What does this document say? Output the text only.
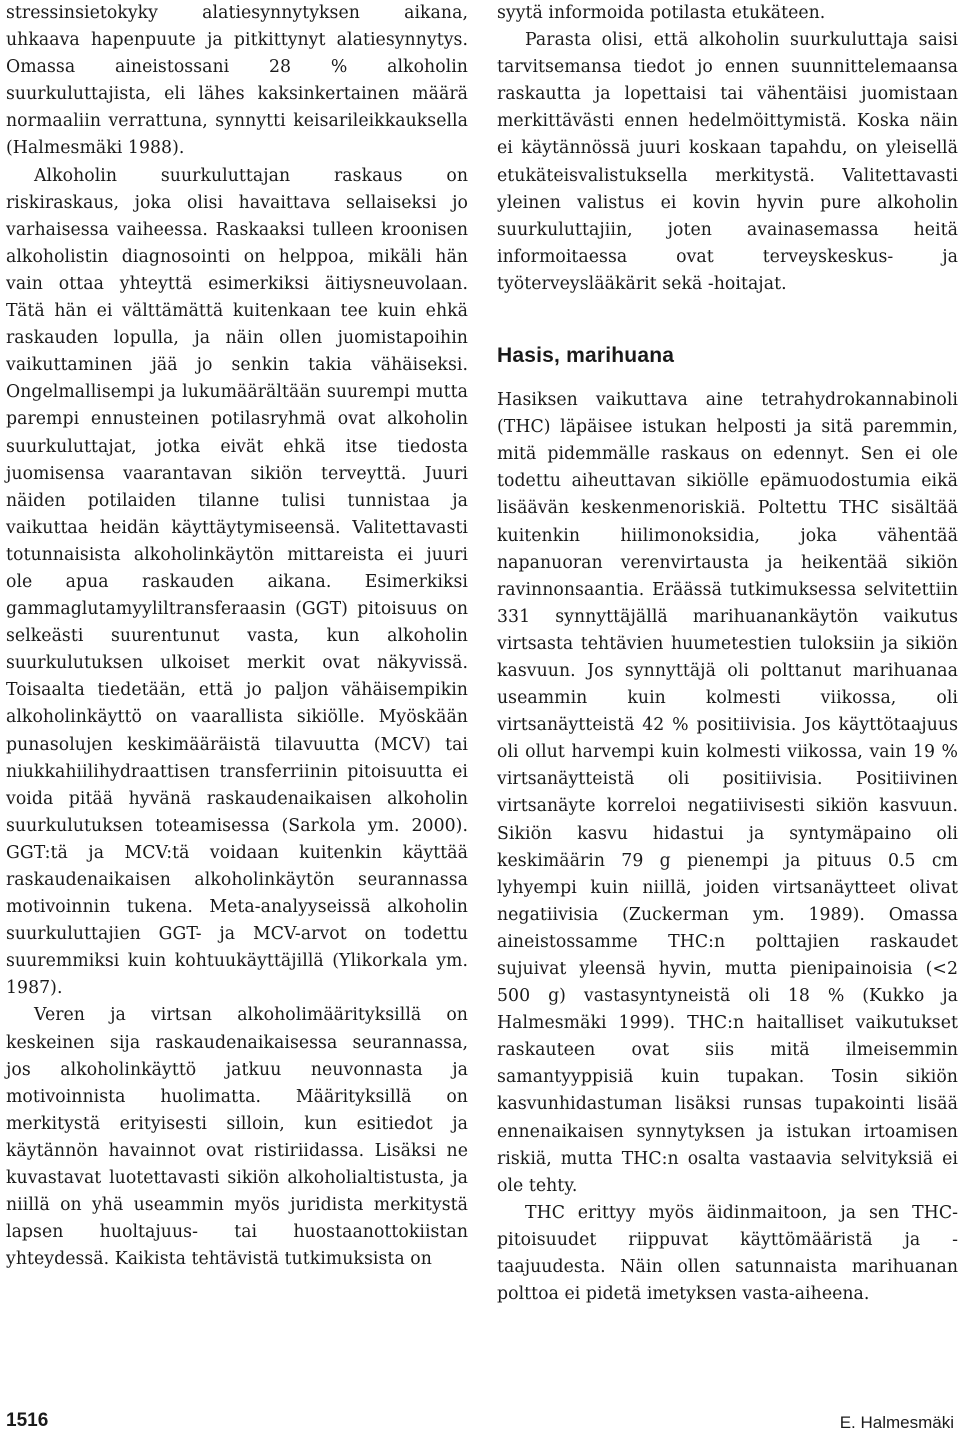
stressinsietokyky alatiesynnytyksen aikana, uhkaava hapenpuute ja pitkittynyt alatiesynnytys. Omassa aineistossani 28 % alkoholin suurkuluttajista, eli lähes kaksinkertainen määrä normaaliin verrattuna, synnytti keisarileikkauksella (Halmesmäki 1988).

Alkoholin suurkuluttajan raskaus on riskiraskaus, joka olisi havaittava sellaiseksi jo varhaisessa vaiheessa. Raskaaksi tulleen kroonisen alkoholistin diagnosointi on helppoa, mikäli hän vain ottaa yhteyttä esimerkiksi äitiysneuvolaan. Tätä hän ei välttämättä kuitenkaan tee kuin ehkä raskauden lopulla, ja näin ollen juomistapoihin vaikuttaminen jää jo senkin takia vähäiseksi. Ongelmallisempi ja lukumäärältään suurempi mutta parempi ennusteinen potilasryhmä ovat alkoholin suurkuluttajat, jotka eivät ehkä itse tiedosta juomisensa vaarantavan sikiön terveyttä. Juuri näiden potilaiden tilanne tulisi tunnistaa ja vaikuttaa heidän käyttäytymiseensä. Valitettavasti totunnaisista alkoholinkäytön mittareista ei juuri ole apua raskauden aikana. Esimerkiksi gammaglutamyyliltransferaasin (GGT) pitoisuus on selkeästi suurentunut vasta, kun alkoholin suurkulutuksen ulkoiset merkit ovat näkyvissä. Toisaalta tiedetään, että jo paljon vähäisempikin alkoholinkäyttö on vaarallista sikiölle. Myöskään punasolujen keskimääräistä tilavuutta (MCV) tai niukkahiilihydraattisen transferriinin pitoisuutta ei voida pitää hyvänä raskaudenaikaisen alkoholin suurkulutuksen toteamisessa (Sarkola ym. 2000). GGT:tä ja MCV:tä voidaan kuitenkin käyttää raskaudenaikaisen alkoholinkäytön seurannassa motivoinnin tukena. Meta-analyyseissä alkoholin suurkuluttajien GGT- ja MCV-arvot on todettu suuremmiksi kuin kohtuukäyttäjillä (Ylikorkala ym. 1987).

Veren ja virtsan alkoholimäärityksillä on keskeinen sija raskaudenaikaisessa seurannassa, jos alkoholinkäyttö jatkuu neuvonnasta ja motivoinnista huolimatta. Määrityksillä on merkitystä erityisesti silloin, kun esitiedot ja käytännön havainnot ovat ristiriidassa. Lisäksi ne kuvastavat luotettavasti sikiön alkoholialtistusta, ja niillä on yhä useammin myös juridista merkitystä lapsen huoltajuus- tai huostaanottokiistan yhteydessä. Kaikista tehtävistä tutkimuksista on

syytä informoida potilasta etukäteen.

Parasta olisi, että alkoholin suurkuluttaja saisi tarvitsemansa tiedot jo ennen suunnittelemaansa raskautta ja lopettaisi tai vähentäisi juomistaan merkittävästi ennen hedelmöittymistä. Koska näin ei käytännössä juuri koskaan tapahdu, on yleisellä etukäteisvalistuksella merkitystä. Valitettavasti yleinen valistus ei kovin hyvin pure alkoholin suurkuluttajiin, joten avainasemassa heitä informoitaessa ovat terveyskeskus- ja työterveyslääkärit sekä -hoitajat.

Hasis, marihuana

Hasiksen vaikuttava aine tetrahydrokannabinoli (THC) läpäisee istukan helposti ja sitä paremmin, mitä pidemmälle raskaus on edennyt. Sen ei ole todettu aiheuttavan sikiölle epämuodostumia eikä lisäävän keskenmenoriskiä. Poltettu THC sisältää kuitenkin hiilimonoksidia, joka vähentää napanuoran verenvirtausta ja heikentää sikiön ravinnonsaantia. Eräässä tutkimuksessa selvitettiin 331 synnyttäjällä marihuanankäytön vaikutus virtsasta tehtävien huumetestien tuloksiin ja sikiön kasvuun. Jos synnyttäjä oli polttanut marihuanaa useammin kuin kolmesti viikossa, oli virtsanäytteistä 42 % positiivisia. Jos käyttötaajuus oli ollut harvempi kuin kolmesti viikossa, vain 19 % virtsanäytteistä oli positiivisia. Positiivinen virtsanäyte korreloi negatiivisesti sikiön kasvuun. Sikiön kasvu hidastui ja syntymäpaino oli keskimäärin 79 g pienempi ja pituus 0.5 cm lyhyempi kuin niillä, joiden virtsanäytteet olivat negatiivisia (Zuckerman ym. 1989). Omassa aineistossamme THC:n polttajien raskaudet sujuivat yleensä hyvin, mutta pienipainoisia (<2 500 g) vastasyntyneistä oli 18 % (Kukko ja Halmesmäki 1999). THC:n haitalliset vaikutukset raskauteen ovat siis mitä ilmeisemmin samantyyppisiä kuin tupakan. Tosin sikiön kasvunhidastuman lisäksi runsas tupakointi lisää ennenaikaisen synnytyksen ja istukan irtoamisen riskiä, mutta THC:n osalta vastaavia selvityksiä ei ole tehty.

THC erittyy myös äidinmaitoon, ja sen THC-pitoisuudet riippuvat käyttömääristä ja -taajuudesta. Näin ollen satunnaista marihuanan polttoa ei pidetä imetyksen vasta-aiheena.

1516	E. Halmesmäki
